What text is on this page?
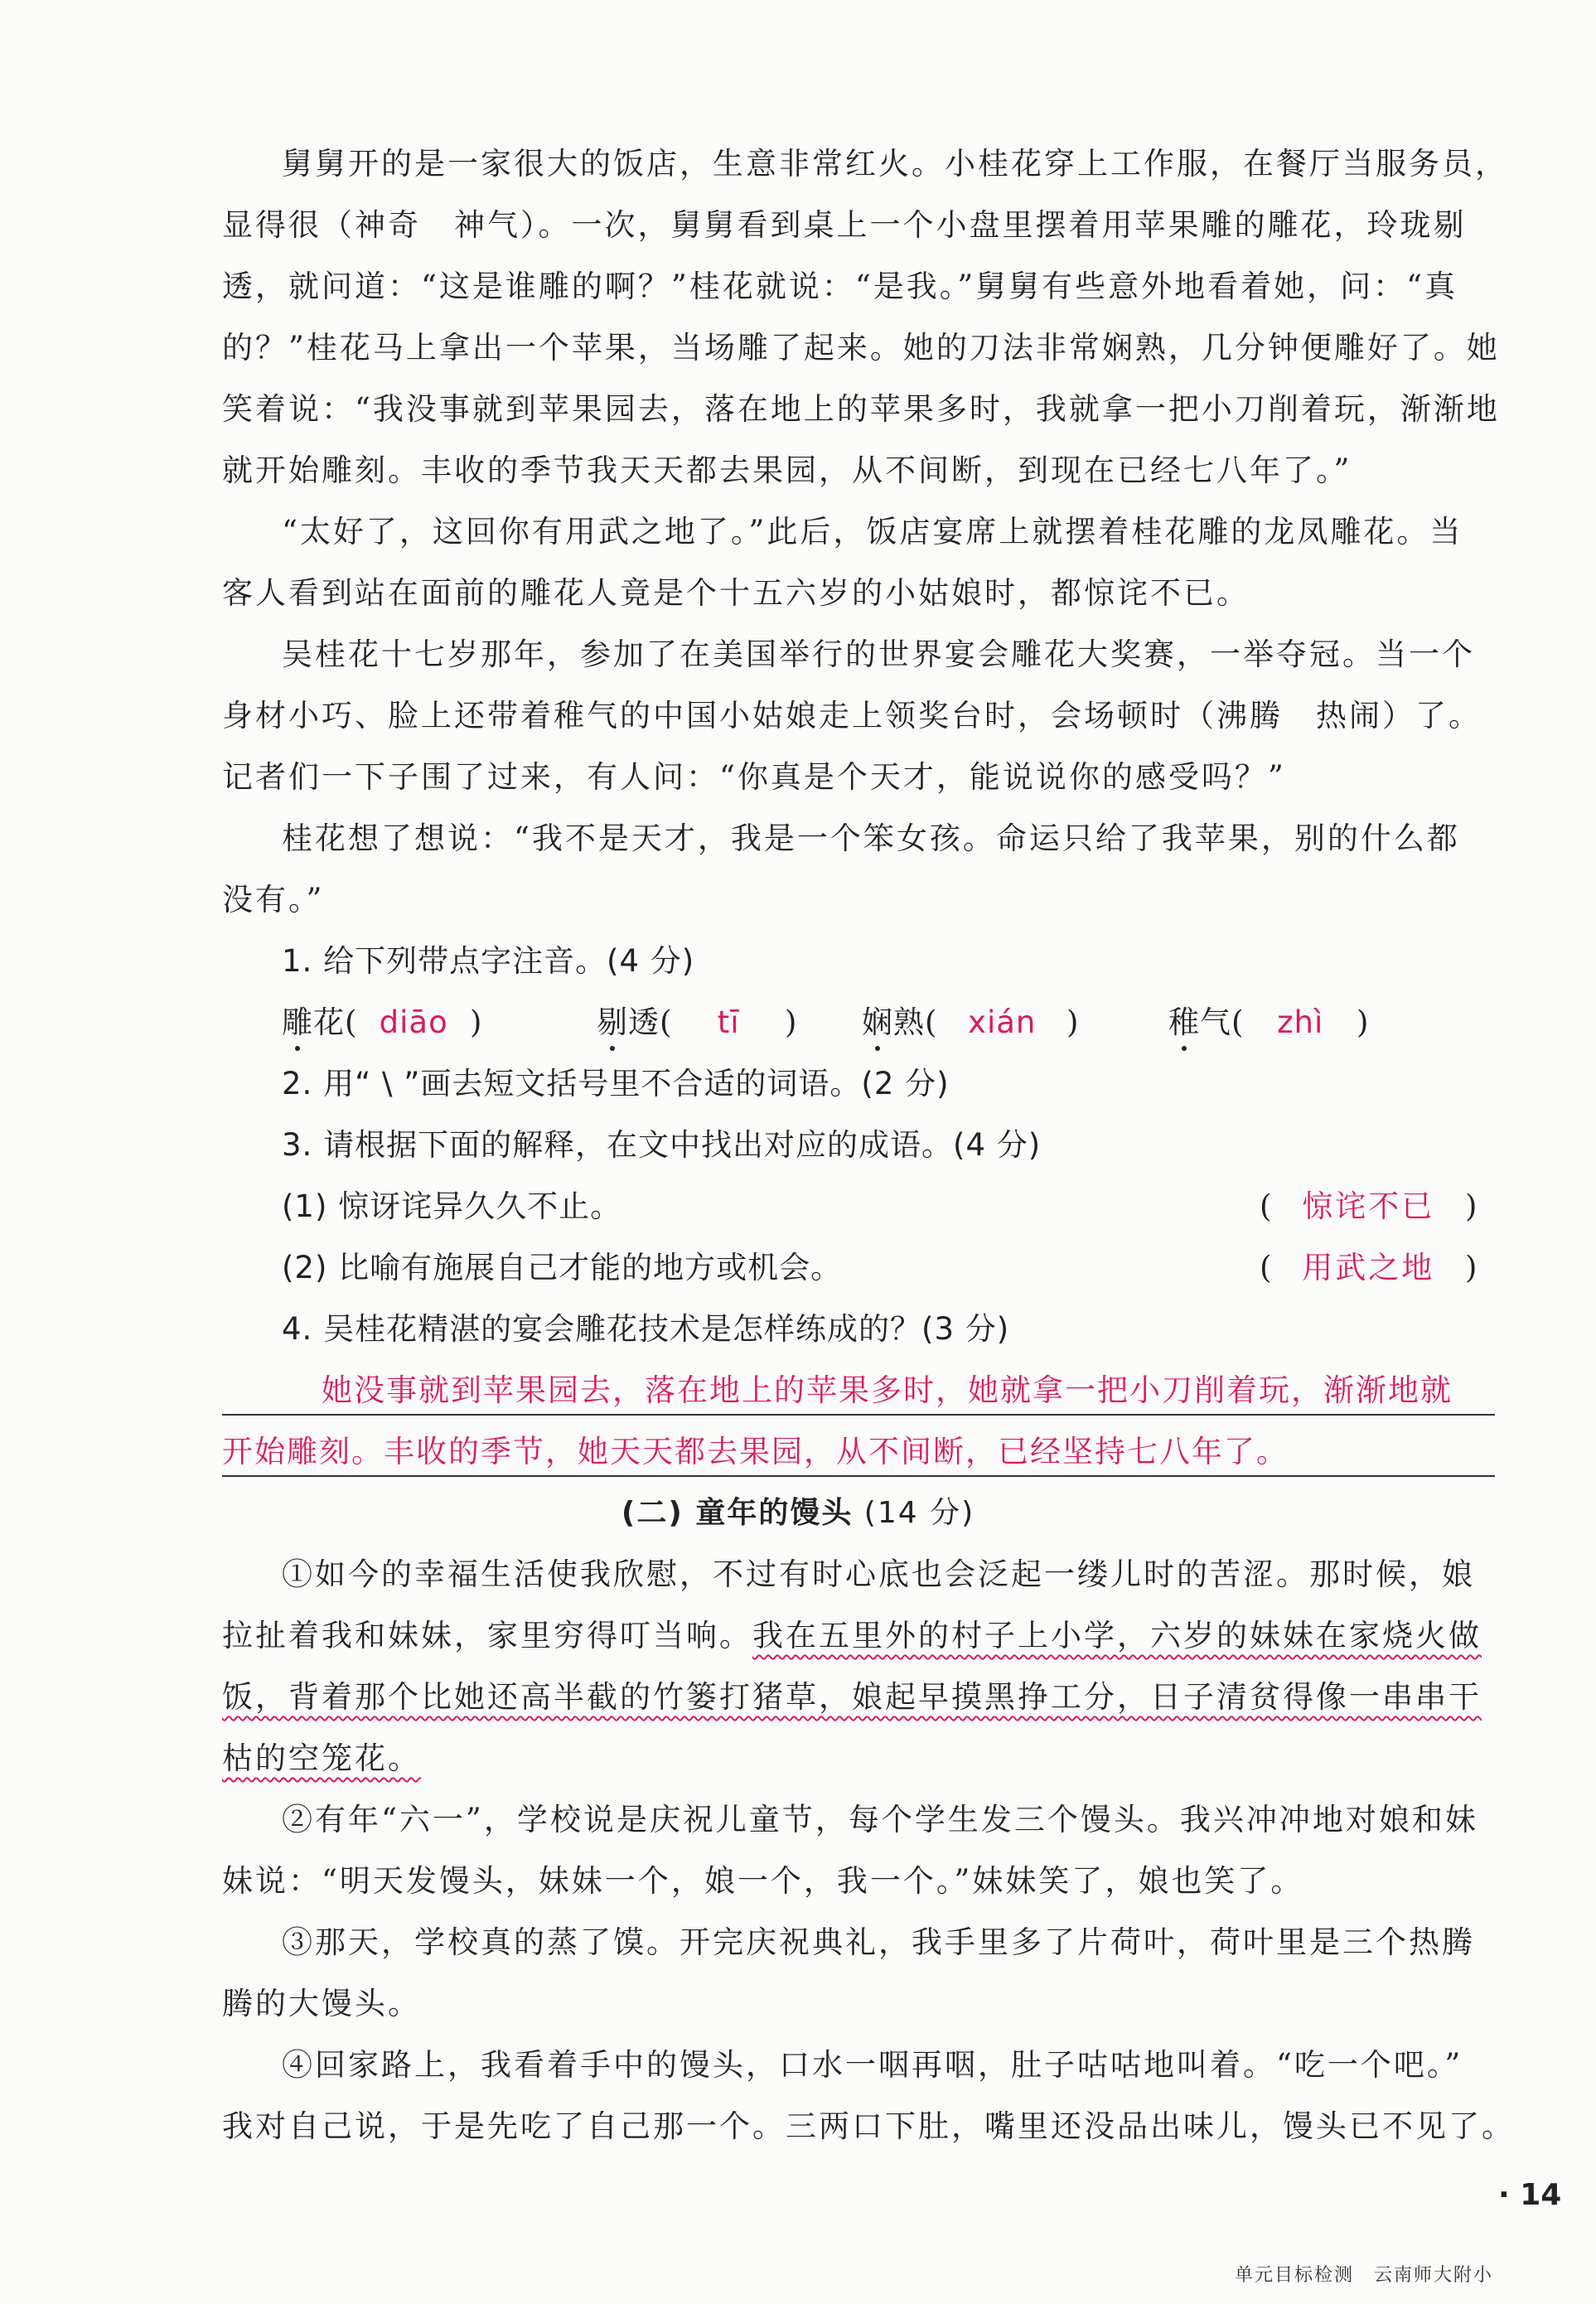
舅舅开的是一家很大的饭店，生意非常红火。小桂花穿上工作服，在餐厅当服务员，
显得很（神奇　神气）。一次，舅舅看到桌上一个小盘里摆着用苹果雕的雕花，玲珑剔
透，就问道：“这是谁雕的啊？”桂花就说：“是我。”舅舅有些意外地看着她，问：“真
的？”桂花马上拿出一个苹果，当场雕了起来。她的刀法非常娴熟，几分钟便雕好了。她
笑着说：“我没事就到苹果园去，落在地上的苹果多时，我就拿一把小刀削着玩，渐渐地
就开始雕刻。丰收的季节我天天都去果园，从不间断，到现在已经七八年了。”
“太好了，这回你有用武之地了。”此后，饭店宴席上就摆着桂花雕的龙凤雕花。当
客人看到站在面前的雕花人竟是个十五六岁的小姑娘时，都惊诧不已。
吴桂花十七岁那年，参加了在美国举行的世界宴会雕花大奖赛，一举夺冠。当一个
身材小巧、脸上还带着稚气的中国小姑娘走上领奖台时，会场顿时（沸腾　热闹）了。
记者们一下子围了过来，有人问：“你真是个天才，能说说你的感受吗？”
桂花想了想说：“我不是天才，我是一个笨女孩。命运只给了我苹果，别的什么都
没有。”
1. 给下列带点字注音。(4 分)
雕花( diāo )	剔透( tī ) 娴熟( xián )	稚气( zhì )
2. 用“ \ ”画去短文括号里不合适的词语。(2 分)
3. 请根据下面的解释，在文中找出对应的成语。(4 分)
(1) 惊讶诧异久久不止。	( 惊诧不已 )
(2) 比喻有施展自己才能的地方或机会。	( 用武之地 )
4. 吴桂花精湛的宴会雕花技术是怎样练成的？(3 分)
她没事就到苹果园去，落在地上的苹果多时，她就拿一把小刀削着玩，渐渐地就
开始雕刻。丰收的季节，她天天都去果园，从不间断，已经坚持七八年了。
(二) 童年的馒头 (14 分)
①如今的幸福生活使我欣慰，不过有时心底也会泛起一缕儿时的苦涩。那时候，娘
拉扯着我和妹妹，家里穷得叮当响。我在五里外的村子上小学，六岁的妹妹在家烧火做
饭，背着那个比她还高半截的竹篓打猪草，娘起早摸黑挣工分，日子清贫得像一串串干
枯的空笼花。
②有年“六一”，学校说是庆祝儿童节，每个学生发三个馒头。我兴冲冲地对娘和妹
妹说：“明天发馒头，妹妹一个，娘一个，我一个。”妹妹笑了，娘也笑了。
③那天，学校真的蒸了馍。开完庆祝典礼，我手里多了片荷叶，荷叶里是三个热腾
腾的大馒头。
④回家路上，我看着手中的馒头，口水一咽再咽，肚子咕咕地叫着。“吃一个吧。”
我对自己说，于是先吃了自己那一个。三两口下肚，嘴里还没品出味儿，馒头已不见了。
· 14
单元目标检测　云南师大附小
